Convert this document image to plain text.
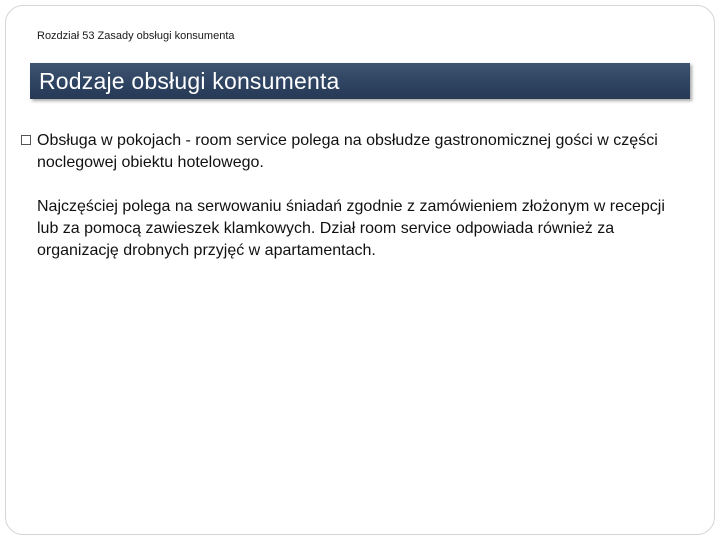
Rozdział 53 Zasady obsługi konsumenta
Rodzaje obsługi konsumenta
Obsługa w pokojach - room service polega na obsłudze gastronomicznej gości w części noclegowej obiektu hotelowego.
Najczęściej polega na serwowaniu śniadań zgodnie z zamówieniem złożonym w recepcji lub za pomocą zawieszek klamkowych. Dział room service odpowiada również za organizację drobnych przyjęć w apartamentach.
